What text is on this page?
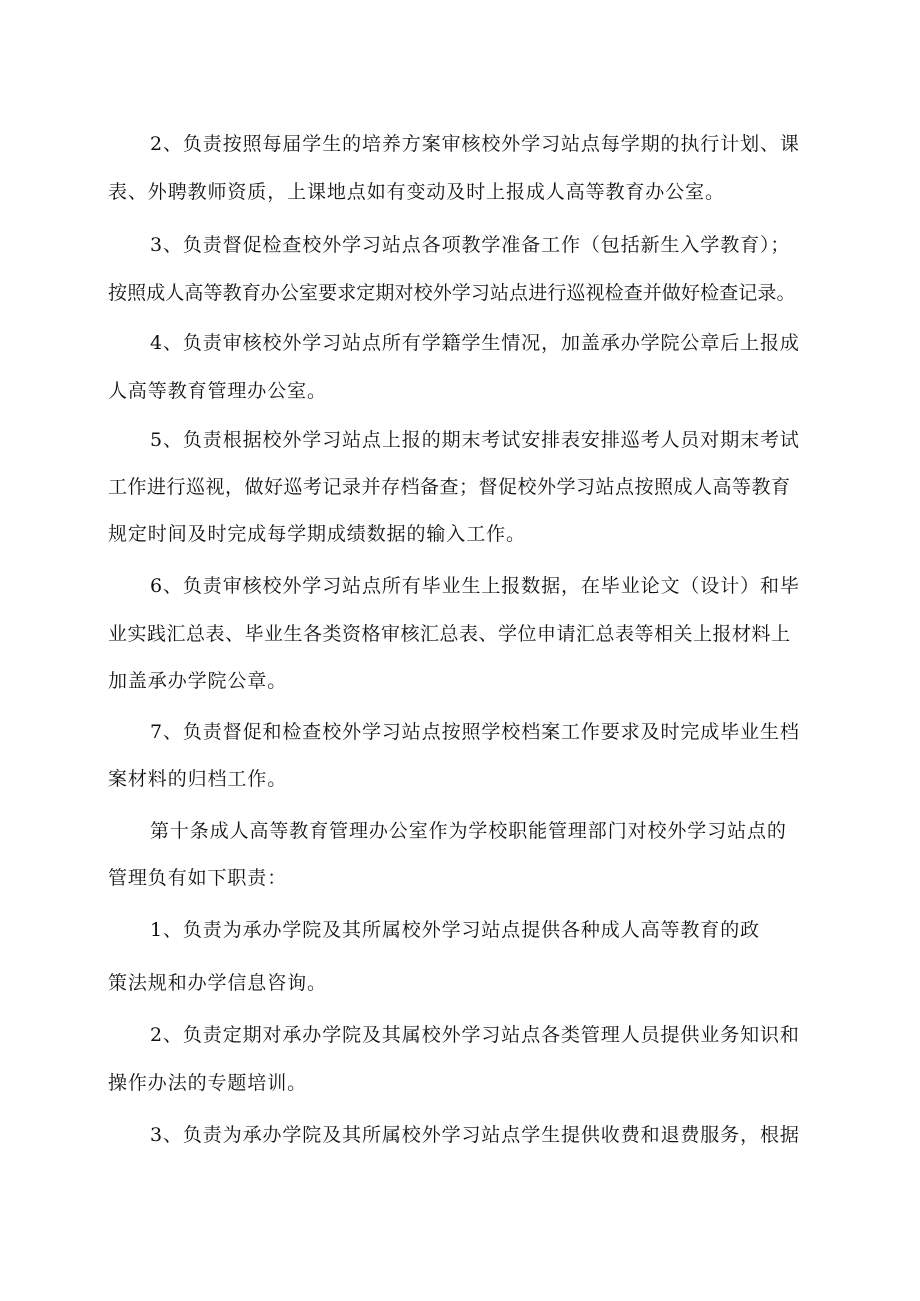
2、负责按照每届学生的培养方案审核校外学习站点每学期的执行计划、课
表、外聘教师资质，上课地点如有变动及时上报成人高等教育办公室。
3、负责督促检查校外学习站点各项教学准备工作（包括新生入学教育）；
按照成人高等教育办公室要求定期对校外学习站点进行巡视检查并做好检查记录。
4、负责审核校外学习站点所有学籍学生情况，加盖承办学院公章后上报成
人高等教育管理办公室。
5、负责根据校外学习站点上报的期末考试安排表安排巡考人员对期末考试
工作进行巡视，做好巡考记录并存档备查；督促校外学习站点按照成人高等教育
规定时间及时完成每学期成绩数据的输入工作。
6、负责审核校外学习站点所有毕业生上报数据，在毕业论文（设计）和毕
业实践汇总表、毕业生各类资格审核汇总表、学位申请汇总表等相关上报材料上
加盖承办学院公章。
7、负责督促和检查校外学习站点按照学校档案工作要求及时完成毕业生档
案材料的归档工作。
第十条成人高等教育管理办公室作为学校职能管理部门对校外学习站点的
管理负有如下职责：
1、负责为承办学院及其所属校外学习站点提供各种成人高等教育的政
策法规和办学信息咨询。
2、负责定期对承办学院及其属校外学习站点各类管理人员提供业务知识和
操作办法的专题培训。
3、负责为承办学院及其所属校外学习站点学生提供收费和退费服务，根据
